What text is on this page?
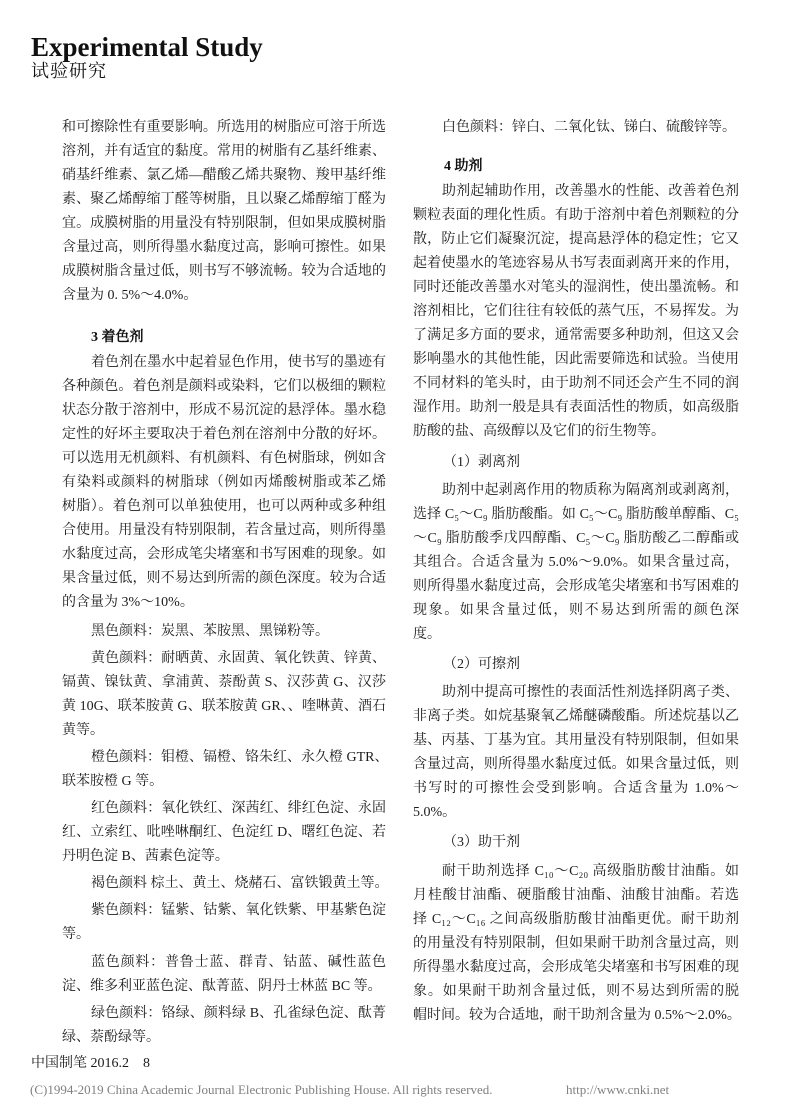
Experimental Study
试验研究
和可擦除性有重要影响。所选用的树脂应可溶于所选
溶剂，并有适宜的黏度。常用的树脂有乙基纤维素、
硝基纤维素、氯乙烯—醋酸乙烯共聚物、羧甲基纤维
素、聚乙烯醇缩丁醛等树脂，且以聚乙烯醇缩丁醛为
宜。成膜树脂的用量没有特别限制，但如果成膜树脂
含量过高，则所得墨水黏度过高，影响可擦性。如果
成膜树脂含量过低，则书写不够流畅。较为合适地的
含量为 0. 5%～4.0%。
3 着色剂
着色剂在墨水中起着显色作用，使书写的墨迹有
各种颜色。着色剂是颜料或染料，它们以极细的颗粒
状态分散于溶剂中，形成不易沉淀的悬浮体。墨水稳
定性的好坏主要取决于着色剂在溶剂中分散的好坏。
可以选用无机颜料、有机颜料、有色树脂球，例如含
有染料或颜料的树脂球（例如丙烯酸树脂或苯乙烯
树脂）。着色剂可以单独使用，也可以两种或多种组
合使用。用量没有特别限制，若含量过高，则所得墨
水黏度过高，会形成笔尖堵塞和书写困难的现象。如
果含量过低，则不易达到所需的颜色深度。较为合适
的含量为 3%～10%。
黑色颜料：炭黑、苯胺黑、黑锑粉等。
黄色颜料：耐晒黄、永固黄、氧化铁黄、锌黄、
镉黄、镍钛黄、拿浦黄、萘酚黄 S、汉莎黄 G、汉莎
黄 10G、联苯胺黄 G、联苯胺黄 GR、、喹啉黄、酒石
黄等。
橙色颜料：钼橙、镉橙、铬朱红、永久橙 GTR、
联苯胺橙 G 等。
红色颜料：氧化铁红、深茜红、绯红色淀、永固
红、立索红、吡唑啉酮红、色淀红 D、曙红色淀、若
丹明色淀 B、茜素色淀等。
褐色颜料 棕土、黄土、烧赭石、富铁锻黄土等。
紫色颜料：锰紫、钴紫、氧化铁紫、甲基紫色淀
等。
蓝色颜料：普鲁士蓝、群青、钴蓝、碱性蓝色
淀、维多利亚蓝色淀、酞菁蓝、阴丹士林蓝 BC 等。
绿色颜料：铬绿、颜料绿 B、孔雀绿色淀、酞菁
绿、萘酚绿等。
白色颜料：锌白、二氧化钛、锑白、硫酸锌等。
4 助剂
助剂起辅助作用，改善墨水的性能、改善着色剂
颗粒表面的理化性质。有助于溶剂中着色剂颗粒的分
散，防止它们凝聚沉淀，提高悬浮体的稳定性；它又
起着使墨水的笔迹容易从书写表面剥离开来的作用，
同时还能改善墨水对笔头的湿润性，使出墨流畅。和
溶剂相比，它们往往有较低的蒸气压，不易挥发。为
了满足多方面的要求，通常需要多种助剂，但这又会
影响墨水的其他性能，因此需要筛选和试验。当使用
不同材料的笔头时，由于助剂不同还会产生不同的润
湿作用。助剂一般是具有表面活性的物质，如高级脂
肪酸的盐、高级醇以及它们的衍生物等。
（1）剥离剂
助剂中起剥离作用的物质称为隔离剂或剥离剂，
选择 C₅～C₉ 脂肪酸酯。如 C₅～C₉ 脂肪酸单醇酯、C₅
～C₉ 脂肪酸季戊四醇酯、C₅～C₉ 脂肪酸乙二醇酯或
其组合。合适含量为 5.0%～9.0%。如果含量过高，
则所得墨水黏度过高，会形成笔尖堵塞和书写困难的
现象。如果含量过低，则不易达到所需的颜色深
度。
（2）可擦剂
助剂中提高可擦性的表面活性剂选择阴离子类、
非离子类。如烷基聚氧乙烯醚磷酸酯。所述烷基以乙
基、丙基、丁基为宜。其用量没有特别限制，但如果
含量过高，则所得墨水黏度过低。如果含量过低，则
书写时的可擦性会受到影响。合适含量为 1.0%～
5.0%。
（3）助干剂
耐干助剂选择 C₁₀～C₂₀ 高级脂肪酸甘油酯。如
月桂酸甘油酯、硬脂酸甘油酯、油酸甘油酯。若选
择 C₁₂～C₁₆ 之间高级脂肪酸甘油酯更优。耐干助剂
的用量没有特别限制，但如果耐干助剂含量过高，则
所得墨水黏度过高，会形成笔尖堵塞和书写困难的现
象。如果耐干助剂含量过低，则不易达到所需的脱
帽时间。较为合适地，耐干助剂含量为 0.5%～2.0%。
中国制笔 2016.2 8
(C)1994-2019 China Academic Journal Electronic Publishing House. All rights reserved.	http://www.cnki.net
